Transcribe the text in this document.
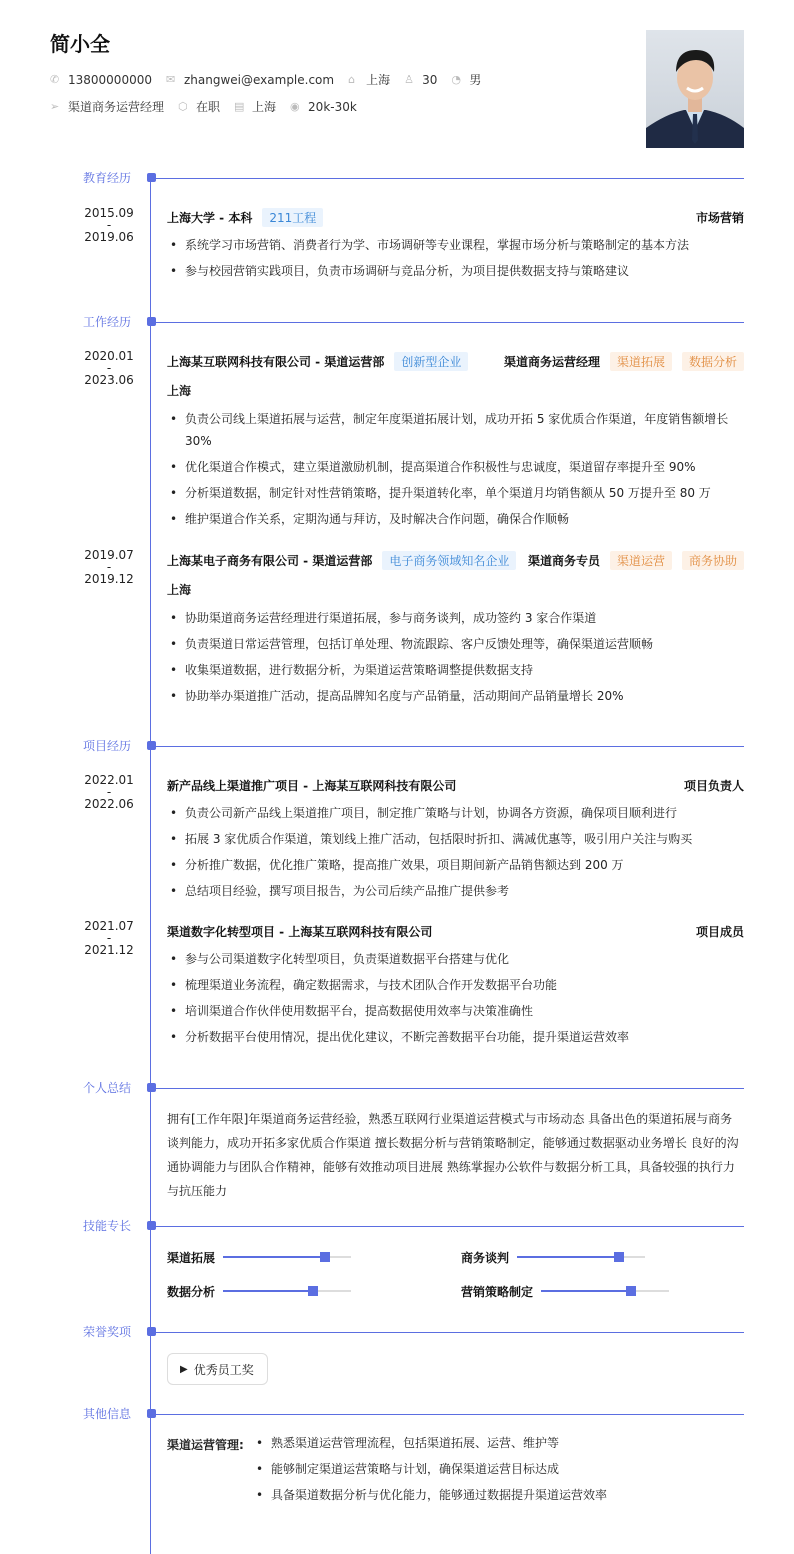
简小全
✆ 13800000000 ✉ zhangwei@example.com ⌂ 上海 ♙ 30 ◔ 男
➢ 渠道商务运营经理 ⬡ 在职 ▤ 上海 ◉ 20k-30k
教育经历
2015.09
-
2019.06
上海大学 - 本科	211工程	市场营销
• 系统学习市场营销、消费者行为学、市场调研等专业课程，掌握市场分析与策略制定的基本方法
• 参与校园营销实践项目，负责市场调研与竞品分析，为项目提供数据支持与策略建议
工作经历
2020.01
-
2023.06
上海某互联网科技有限公司 - 渠道运营部	创新型企业	渠道商务运营经理	渠道拓展	数据分析
上海
• 负责公司线上渠道拓展与运营，制定年度渠道拓展计划，成功开拓 5 家优质合作渠道，年度销售额增长 30%
• 优化渠道合作模式，建立渠道激励机制，提高渠道合作积极性与忠诚度，渠道留存率提升至 90%
• 分析渠道数据，制定针对性营销策略，提升渠道转化率，单个渠道月均销售额从 50 万提升至 80 万
• 维护渠道合作关系，定期沟通与拜访，及时解决合作问题，确保合作顺畅
2019.07
-
2019.12
上海某电子商务有限公司 - 渠道运营部	电子商务领域知名企业	渠道商务专员	渠道运营	商务协助
上海
• 协助渠道商务运营经理进行渠道拓展，参与商务谈判，成功签约 3 家合作渠道
• 负责渠道日常运营管理，包括订单处理、物流跟踪、客户反馈处理等，确保渠道运营顺畅
• 收集渠道数据，进行数据分析，为渠道运营策略调整提供数据支持
• 协助举办渠道推广活动，提高品牌知名度与产品销量，活动期间产品销量增长 20%
项目经历
2022.01
-
2022.06
新产品线上渠道推广项目 - 上海某互联网科技有限公司	项目负责人
• 负责公司新产品线上渠道推广项目，制定推广策略与计划，协调各方资源，确保项目顺利进行
• 拓展 3 家优质合作渠道，策划线上推广活动，包括限时折扣、满减优惠等，吸引用户关注与购买
• 分析推广数据，优化推广策略，提高推广效果，项目期间新产品销售额达到 200 万
• 总结项目经验，撰写项目报告，为公司后续产品推广提供参考
2021.07
-
2021.12
渠道数字化转型项目 - 上海某互联网科技有限公司	项目成员
• 参与公司渠道数字化转型项目，负责渠道数据平台搭建与优化
• 梳理渠道业务流程，确定数据需求，与技术团队合作开发数据平台功能
• 培训渠道合作伙伴使用数据平台，提高数据使用效率与决策准确性
• 分析数据平台使用情况，提出优化建议，不断完善数据平台功能，提升渠道运营效率
个人总结
拥有[工作年限]年渠道商务运营经验，熟悉互联网行业渠道运营模式与市场动态 具备出色的渠道拓展与商务谈判能力，成功开拓多家优质合作渠道 擅长数据分析与营销策略制定，能够通过数据驱动业务增长 良好的沟通协调能力与团队合作精神，能够有效推动项目进展 熟练掌握办公软件与数据分析工具，具备较强的执行力与抗压能力
技能专长
渠道拓展	商务谈判
数据分析	营销策略制定
荣誉奖项
▶ 优秀员工奖
其他信息
渠道运营管理:	• 熟悉渠道运营管理流程，包括渠道拓展、运营、维护等
• 能够制定渠道运营策略与计划，确保渠道运营目标达成
• 具备渠道数据分析与优化能力，能够通过数据提升渠道运营效率
